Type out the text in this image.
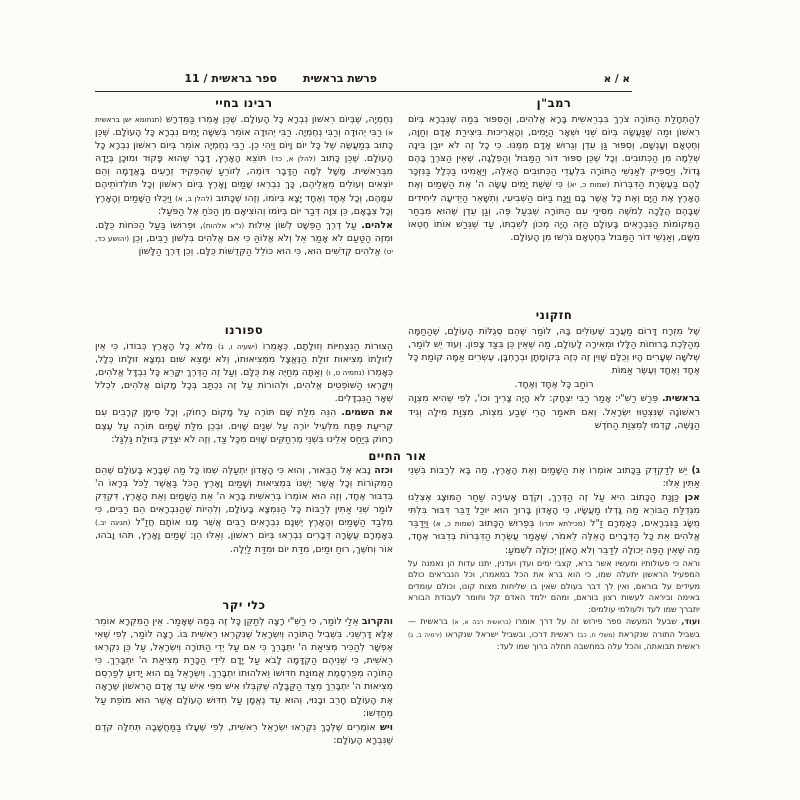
ספר בראשית / 11 פרשת בראשית	א / א
אור החיים
רמב"ן

לְהַתְחָלַת הַתּוֹרָה צֹרֶךְ בִּבְרֵאשִׁית בָּרָא אֱלֹהִים, וְהַסִּפּוּר בְּמַה שֶּׁנִּבְרָא בְּיוֹם רִאשׁוֹן וּמַה שֶּׁנַּעֲשָׂה בְּיוֹם שֵׁנִי וּשְׁאָר הַיָּמִים, וְהָאֲרִיכוּת בִּיצִירַת אָדָם וְחַוָּה, וְחֶטְאָם וְעָנְשָׁם, וְסִפּוּר גַּן עֵדֶן וְגֵרוּשׁ אָדָם מִמֶּנּוּ. כִּי כָל זֶה לֹא יוּבַן בִּינָה שְׁלֵמָה מִן הַכְּתוּבִים. וְכָל שֶׁכֵּן סִפּוּר דּוֹר הַמַּבּוּל וְהַפְלָגָה, שֶׁאֵין הַצֹּרֶךְ בָּהֶם גָּדוֹל, וְיַסְפִּיק לְאַנְשֵׁי הַתּוֹרָה בִּלְעֲדֵי הַכְּתוּבִים הָאֵלֶּה, וְיַאֲמִינוּ בַּכְּלָל בַּנִּזְכָּר לָהֶם בַּעֲשֶׂרֶת הַדִּבְּרוֹת (שמות כ, יא) כִּי שֵׁשֶׁת יָמִים עָשָׂה ה' אֶת הַשָּׁמַיִם וְאֶת הָאָרֶץ אֶת הַיָּם וְאֶת כָּל אֲשֶׁר בָּם וַיָּנַח בַּיּוֹם הַשְּׁבִיעִי, וְתִשָּׁאֵר הַיְדִיעָה לִיחִידִים שֶׁבָּהֶם הֲלָכָה לְמֹשֶׁה מִסִּינַי עִם הַתּוֹרָה שֶׁבְּעַל פֶּה, וְגַן עֵדֶן שֶׁהוּא מִבְחַר הַמְּקוֹמוֹת הַנִּבְרָאִים בָּעוֹלָם הַזֶּה הָיָה מְכוֹן לְשִׁבְתּוֹ, עַד שֶׁגֵּרַשׁ אוֹתוֹ חֶטְאוֹ מִשָּׁם, וְאַנְשֵׁי דוֹר הַמַּבּוּל בְּחֶטְאָם גֹּרְשׁוּ מִן הָעוֹלָם.

חזקוני

שֶׁל מִזְרָח דָּרוֹם מַעֲרָב שֶׁעוֹלִים בָּהּ, לוֹמַר שֶׁהֵם סְגֻלּוֹת הָעוֹלָם, שֶׁהַחַמָּה מְהַלֶּכֶת בָּרוּחוֹת הַלָּלוּ וּמְאִירָה לָעוֹלָם, מַה שֶּׁאֵין כֵּן בְּצַד צָפוֹן. וְעוֹד יֵשׁ לוֹמַר, שְׁלֹשָׁה שְׁעָרִים הָיוּ וְכֻלָּם שָׁוִין זֶה כְּזֶה בְּקוֹמָתָן וּבְרָחְבָּן, עֶשְׂרִים אַמָּה קוֹמַת כָּל אֶחָד וְאֶחָד וְעֶשֶׂר אַמּוֹת

רוֹחַב כָּל אֶחָד וְאֶחָד.

בראשית. פֵּרַשׁ רַשִׁ"י: אָמַר רַבִּי יִצְחָק: לֹא הָיָה צָרִיךְ וכו', לְפִי שֶׁהִיא מִצְוָה רִאשׁוֹנָה שֶׁנִּצְטַוּוּ יִשְׂרָאֵל. וְאִם תֹּאמַר הֲרֵי שֶׁבַע מִצְוֹת, מִצְוַת מִילָה וְגִיד הַנָּשֶׁה, קָדְמוּ לְמִצְוַת הַחֹדֶשׁ

ג) יֵשׁ לְדַקְדֵּק בַּכָּתוּב אוֹמְרוֹ אֶת הַשָּׁמַיִם וְאֶת הָאָרֶץ, מַה בָּא לְרַבּוֹת בִּשְׁנֵי אַתִּין אֵלּוּ:

אכן כַּוָּנַת הַכָּתוּב הִיא עַל זֶה הַדֶּרֶךְ, וְקֹדֶם אָעִירָה שַׁחַר הַמּוּצָג אֶצְלֵנוּ מִגְּדֻלַּת הַבּוֹרֵא מַה גָּדְלוּ מַעֲשָׂיו, כִּי הָאָדוֹן בָּרוּךְ הוּא יוּכַל דַּבֵּר דִּבּוּר בִּלְתִּי מֻשָּׂג בַּנִּבְרָאִים, כְּאָמְרָם זַ"ל (מכילתא יתרו) בְּפֵרוּשׁ הַכָּתוּב (שמות כ, א) וַיְדַבֵּר אֱלֹהִים אֵת כָּל הַדְּבָרִים הָאֵלֶּה לֵאמֹר, שֶׁאָמַר עֲשֶׂרֶת הַדִּבְּרוֹת בְּדִבּוּר אֶחָד, מַה שֶּׁאֵין הַפֶּה יְכוֹלָה לְדַבֵּר וְלֹא הָאֹזֶן יְכוֹלָה לִשְׁמֹעַ:

וראה כי פעולותיו ומעשיו אשר ברא, קצבי ימים ועדן ועדנין, יתנו עדות הן נאמנה על המפעיל הראשון יתעלה שמו, כי הוא ברא את הכל במאמרו, וכל הנבראים כולם מעידים על בוראם, ואין לך דבר בעולם שאין בו שליחות מצות קונו, וכולם עומדים באימה וביראה לעשות רצון בוראם, ומהם ילמד האדם קל וחומר לעבודת הבורא יתברך שמו לעד ולעולמי עולמים:

ועוד, שבעל המעשה ספר פירוש זה על דרך אומרו (בראשית רבה א, א) בראשית — בשביל התורה שנקראת (משלי ח, כב) ראשית דרכו, ובשביל ישראל שנקראו (ירמיה ב, ג) ראשית תבואתה, והכל עלה במחשבה תחלה ברוך שמו לעד:

רבינו בחיי

נְחֶמְיָה, שֶׁבְּיוֹם רִאשׁוֹן נִבְרָא כָּל הָעוֹלָם. שֶׁכֵּן אָמְרוּ בַּמִּדְרָשׁ (תנחומא ישן בראשית א) רַבִּי יְהוּדָה וְרַבִּי נְחֶמְיָה. רַבִּי יְהוּדָה אוֹמֵר בְּשִׁשָּׁה יָמִים נִבְרָא כָּל הָעוֹלָם. שֶׁכֵּן כָּתוּב בְּמַעֲשֶׂה שֶׁל כָּל יוֹם וָיוֹם וַיְהִי כֵן. רַבִּי נְחֶמְיָה אוֹמֵר בְּיוֹם רִאשׁוֹן נִבְרָא כָּל הָעוֹלָם. שֶׁכֵּן כָּתוּב (להלן א, כד) תּוֹצֵא הָאָרֶץ, דָּבָר שֶׁהוּא פָּקוּד וּמוּכָן בְּיָדָהּ מִבְּרֵאשִׁית. מָשָׁל לְמָה הַדָּבָר דּוֹמֶה, לְזוֹרֵעַ שֶׁהִפְקִיד זְרָעִים בָּאֲדָמָה וְהֵם יוֹצְאִים וְעוֹלִים מֵאֲלֵיהֶם, כָּךְ נִבְרְאוּ שָׁמַיִם וָאָרֶץ בְּיוֹם רִאשׁוֹן וְכָל תּוֹלְדוֹתֵיהֶם עִמָּהֶם, וְכָל אֶחָד וְאֶחָד יָצָא בְּיוֹמוֹ, וְזֶהוּ שֶׁכָּתוּב (להלן ב, א) וַיְכֻלּוּ הַשָּׁמַיִם וְהָאָרֶץ וְכָל צְבָאָם, כֵּן צִוָּה דְּבַר יוֹם בְּיוֹמוֹ וְהוֹצִיאָם מִן הַכֹּחַ אֶל הַפֹּעַל:

אלהים. עַל דֶּרֶךְ הַפְּשָׁט לְשׁוֹן אֵילוּת (נ"א אלהות), וּפֵרוּשׁוֹ בַּעַל הַכֹּחוֹת כֻּלָּם. וּמִזֶּה הַטַּעַם לֹא אָמַר אֵל וְלֹא אֱלוֹהַּ כִּי אִם אֱלֹהִים בִּלְשׁוֹן רַבִּים, וְכֵן (יהושע כד, יט) אֱלֹהִים קְדֹשִׁים הוּא, כִּי הוּא כּוֹלֵל הַקְּדֻשּׁוֹת כֻּלָּם. וְכֵן דֶּרֶךְ הַלָּשׁוֹן

ספורנו

הַצּוּרוֹת הַנִּצְחִיּוֹת וְזוּלָתָם, כְּאָמְרוֹ (ישעיה ו, ג) מְלֹא כָל הָאָרֶץ כְּבוֹדוֹ, כִּי אֵין לְזוּלָתוֹ מְצִיאוּת זוּלַת הַנֶּאֱצָל מִמְּצִיאוּתוֹ, וְלֹא יִמָּצֵא שׁוּם נִמְצָא זוּלָתוֹ כְּלָל, כְּאָמְרוֹ (נחמיה ט, ו) וְאַתָּה מְחַיֶּה אֶת כֻּלָּם. וְעַל זֶה הַדֶּרֶךְ יִקָּרֵא כָּל נִבְדָּל אֱלֹהִים, וְיִקָּרְאוּ הַשּׁוֹפְטִים אֱלֹהִים, וּלְהוֹרוֹת עַל זֶה נִכְתַּב בְּכָל מָקוֹם אֱלֹהִים, לִכְלֹל שְׁאָר הַנִּבְדָּלִים.

את השמים. הִנֵּה מִלַּת שָׁם תּוֹרֶה עַל מָקוֹם רָחוֹק, וְכָל סִימָן קְרָבִים עִם קְרִיעַת פַּתָּח מִלְּעֵיל יוֹרֶה עַל שְׁנַיִם שָׁוִים. וּבְכֵן מִלַּת שָׁמַיִם תּוֹרֶה עַל עֶצֶם רָחוֹק בְּיַחַס אֵלֵינוּ בִּשְׁנֵי מֶרְחַקִּים שָׁוִים מִכָּל צַד, וְזֶה לֹא יִצְדַּק בְּזוּלַת גַּלְגַּל:

וכזה נָבֹא אֶל הַבֵּאוּר, וְהוּא כִּי הָאָדוֹן יִתְעַלֶּה שְׁמוֹ כָּל מַה שֶּׁבָּרָא בָּעוֹלָם שֶׁהֵם הַמְּקוֹרוֹת וְכָל אֲשֶׁר יֶשְׁנוֹ בִּמְצִיאוּת וְשָׁמַיִם וָאָרֶץ הַכֹּל בַּאֲשֶׁר לַכֹּל בְּרָאוֹ ה' בְּדִבּוּר אֶחָד, וְזֶה הוּא אוֹמְרוֹ בְּרֵאשִׁית בָּרָא ה' אֵת הַשָּׁמַיִם וְאֵת הָאָרֶץ, דִּקְדֵּק לוֹמַר שְׁנֵי אַתִּין לְרַבּוֹת כָּל הַנִּמְצָא בָּעוֹלָם, וְלִהְיוֹת שֶׁהַנִּבְרָאִים הֵם רַבִּים, כִּי מִלְּבַד הַשָּׁמַיִם וְהָאָרֶץ יֶשְׁנָם נִבְרָאִים רַבִּים אֲשֶׁר מָנוּ אוֹתָם חֲזַ"ל (חגיגה יב.) בְּאָמְרָם עֲשָׂרָה דְּבָרִים נִבְרְאוּ בְּיוֹם רִאשׁוֹן, וְאֵלּוּ הֵן: שָׁמַיִם וָאָרֶץ, תֹּהוּ וָבֹהוּ, אוֹר וְחֹשֶׁךְ, רוּחַ וּמַיִם, מִדַּת יוֹם וּמִדַּת לַיְלָה.

כלי יקר

והקרוב אֵלַי לוֹמַר, כִּי רַשִׁ"י רָצָה לְתַקֵּן כָּל זֶה בְּמַה שֶּׁאָמַר. אֵין הַמִּקְרָא אוֹמֵר אֶלָּא דָּרְשֵׁנִי. בִּשְׁבִיל הַתּוֹרָה וְיִשְׂרָאֵל שֶׁנִּקְרְאוּ רֵאשִׁית בּוֹ. רָצָה לוֹמַר, לְפִי שֶׁאִי אֶפְשָׁר לְהַכִּיר מְצִיאַת ה' יִתְבָּרֵךְ כִּי אִם עַל יְדֵי הַתּוֹרָה וְיִשְׂרָאֵל, עַל כֵּן נִקְרְאוּ רֵאשִׁית, כִּי שְׁנֵיהֶם הַקְדָּמָה לָבֹא עַל יָדָם לִידֵי הַכָּרַת מְצִיאַת ה' יִתְבָּרֵךְ. כִּי הַתּוֹרָה מְפֻרְסֶמֶת אֱמוּנַת חִדּוּשׁוֹ וֵאלֹהוּתוֹ יִתְבָּרֵךְ. וְיִשְׂרָאֵל גַּם הוּא יָדוּעַ לְפַרְסֵם מְצִיאוּת ה' יִתְבָּרֵךְ מִצַּד הַקַּבָּלָה שֶׁקִּבְּלוּ אִישׁ מִפִּי אִישׁ עַד אָדָם הָרִאשׁוֹן שֶׁרָאָה אֶת הָעוֹלָם חָרֵב וּבָנוּי, וְהוּא עֵד נֶאֱמָן עַל חִדּוּשׁ הָעוֹלָם אֲשֶׁר הוּא מוֹפֵת עַל מְחַדְּשׁוֹ:

ויש אוֹמְרִים שֶׁלְּכָךְ נִקְרְאוּ יִשְׂרָאֵל רֵאשִׁית, לְפִי שֶׁעָלוּ בַּמַּחֲשָׁבָה תְּחִלָּה קֹדֶם שֶׁנִּבְרָא הָעוֹלָם:
